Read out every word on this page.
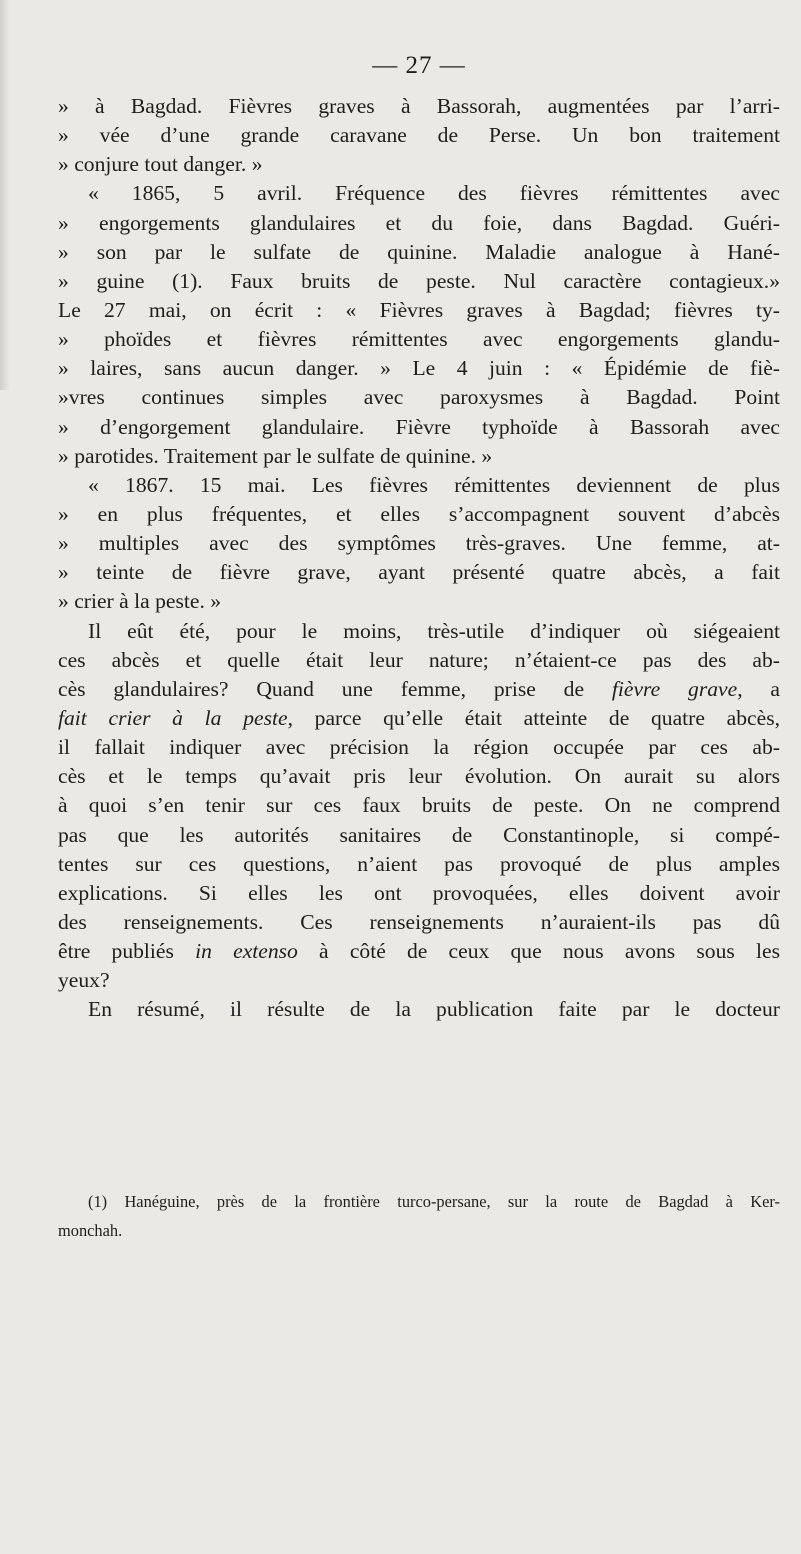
— 27 —
» à Bagdad. Fièvres graves à Bassorah, augmentées par l’arri-
» vée d’une grande caravane de Perse. Un bon traitement
» conjure tout danger. »
« 1865, 5 avril. Fréquence des fièvres rémittentes avec
» engorgements glandulaires et du foie, dans Bagdad. Guéri-
» son par le sulfate de quinine. Maladie analogue à Hané-
» guine (1). Faux bruits de peste. Nul caractère contagieux.»
Le 27 mai, on écrit : « Fièvres graves à Bagdad; fièvres ty-
» phoïdes et fièvres rémittentes avec engorgements glandu-
» laires, sans aucun danger. » Le 4 juin : « Épidémie de fiè-
»vres continues simples avec paroxysmes à Bagdad. Point
» d’engorgement glandulaire. Fièvre typhoïde à Bassorah avec
» parotides. Traitement par le sulfate de quinine. »
« 1867. 15 mai. Les fièvres rémittentes deviennent de plus
» en plus fréquentes, et elles s’accompagnent souvent d’abcès
» multiples avec des symptômes très-graves. Une femme, at-
» teinte de fièvre grave, ayant présenté quatre abcès, a fait
» crier à la peste. »
Il eût été, pour le moins, très-utile d’indiquer où siégeaient
ces abcès et quelle était leur nature; n’étaient-ce pas des ab-
cès glandulaires? Quand une femme, prise de fièvre grave, a
fait crier à la peste, parce qu’elle était atteinte de quatre abcès,
il fallait indiquer avec précision la région occupée par ces ab-
cès et le temps qu’avait pris leur évolution. On aurait su alors
à quoi s’en tenir sur ces faux bruits de peste. On ne comprend
pas que les autorités sanitaires de Constantinople, si compé-
tentes sur ces questions, n’aient pas provoqué de plus amples
explications. Si elles les ont provoquées, elles doivent avoir
des renseignements. Ces renseignements n’auraient-ils pas dû
être publiés in extenso à côté de ceux que nous avons sous les
yeux?
En résumé, il résulte de la publication faite par le docteur
(1) Hanéguine, près de la frontière turco-persane, sur la route de Bagdad à Ker-
monchah.
